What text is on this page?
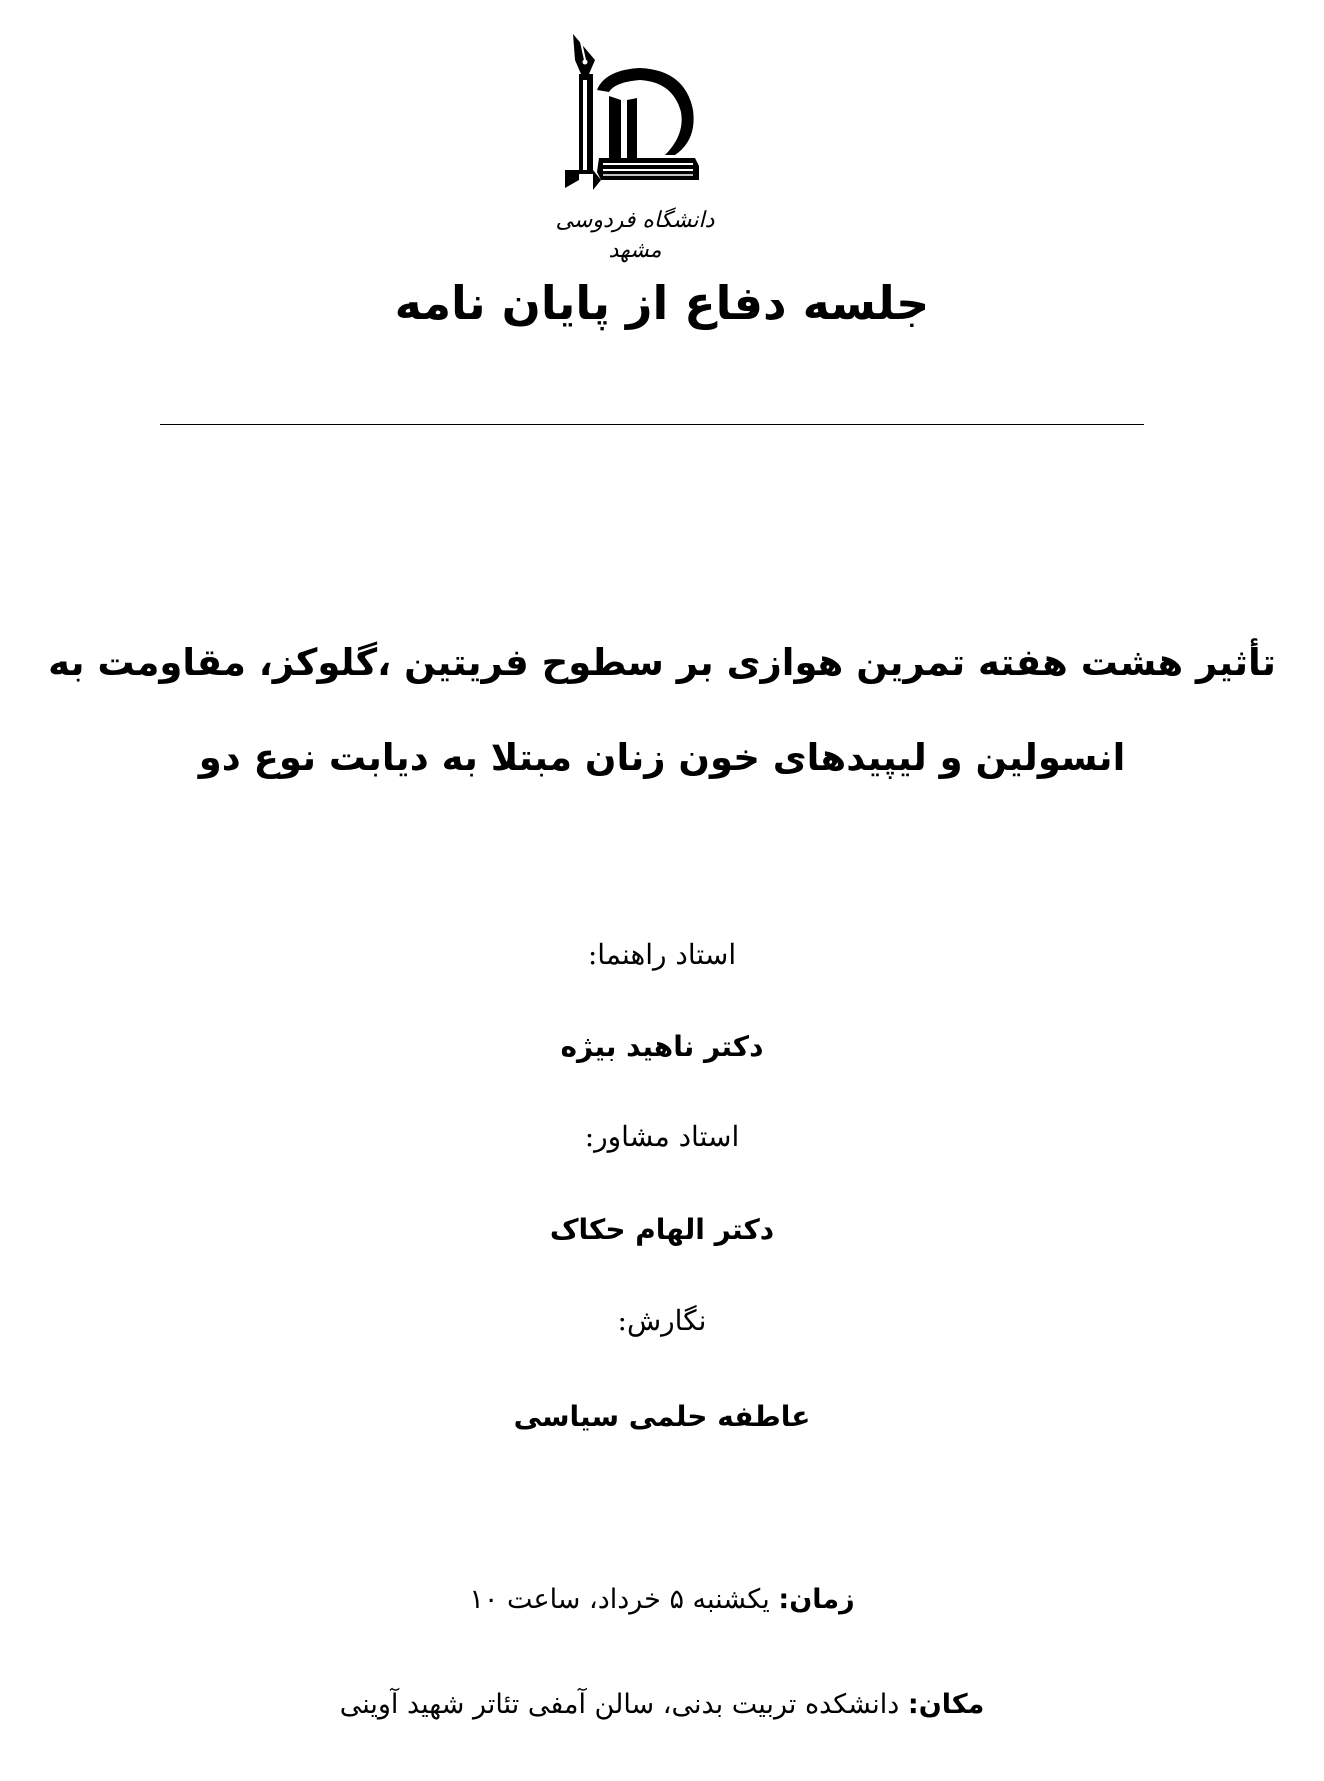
دانشگاه فردوسی مشهد
جلسه دفاع از پایان نامه
تأثیر هشت هفته تمرین هوازی بر سطوح فریتین ،گلوکز، مقاومت به انسولین و لیپیدهای خون زنان مبتلا به دیابت نوع دو
استاد راهنما:
دکتر ناهید بیژه
استاد مشاور:
دکتر الهام حکاک
نگارش:
عاطفه حلمی سیاسی
زمان: یکشنبه ۵ خرداد، ساعت ۱۰
مکان: دانشکده تربیت بدنی، سالن آمفی تئاتر شهید آوینی
